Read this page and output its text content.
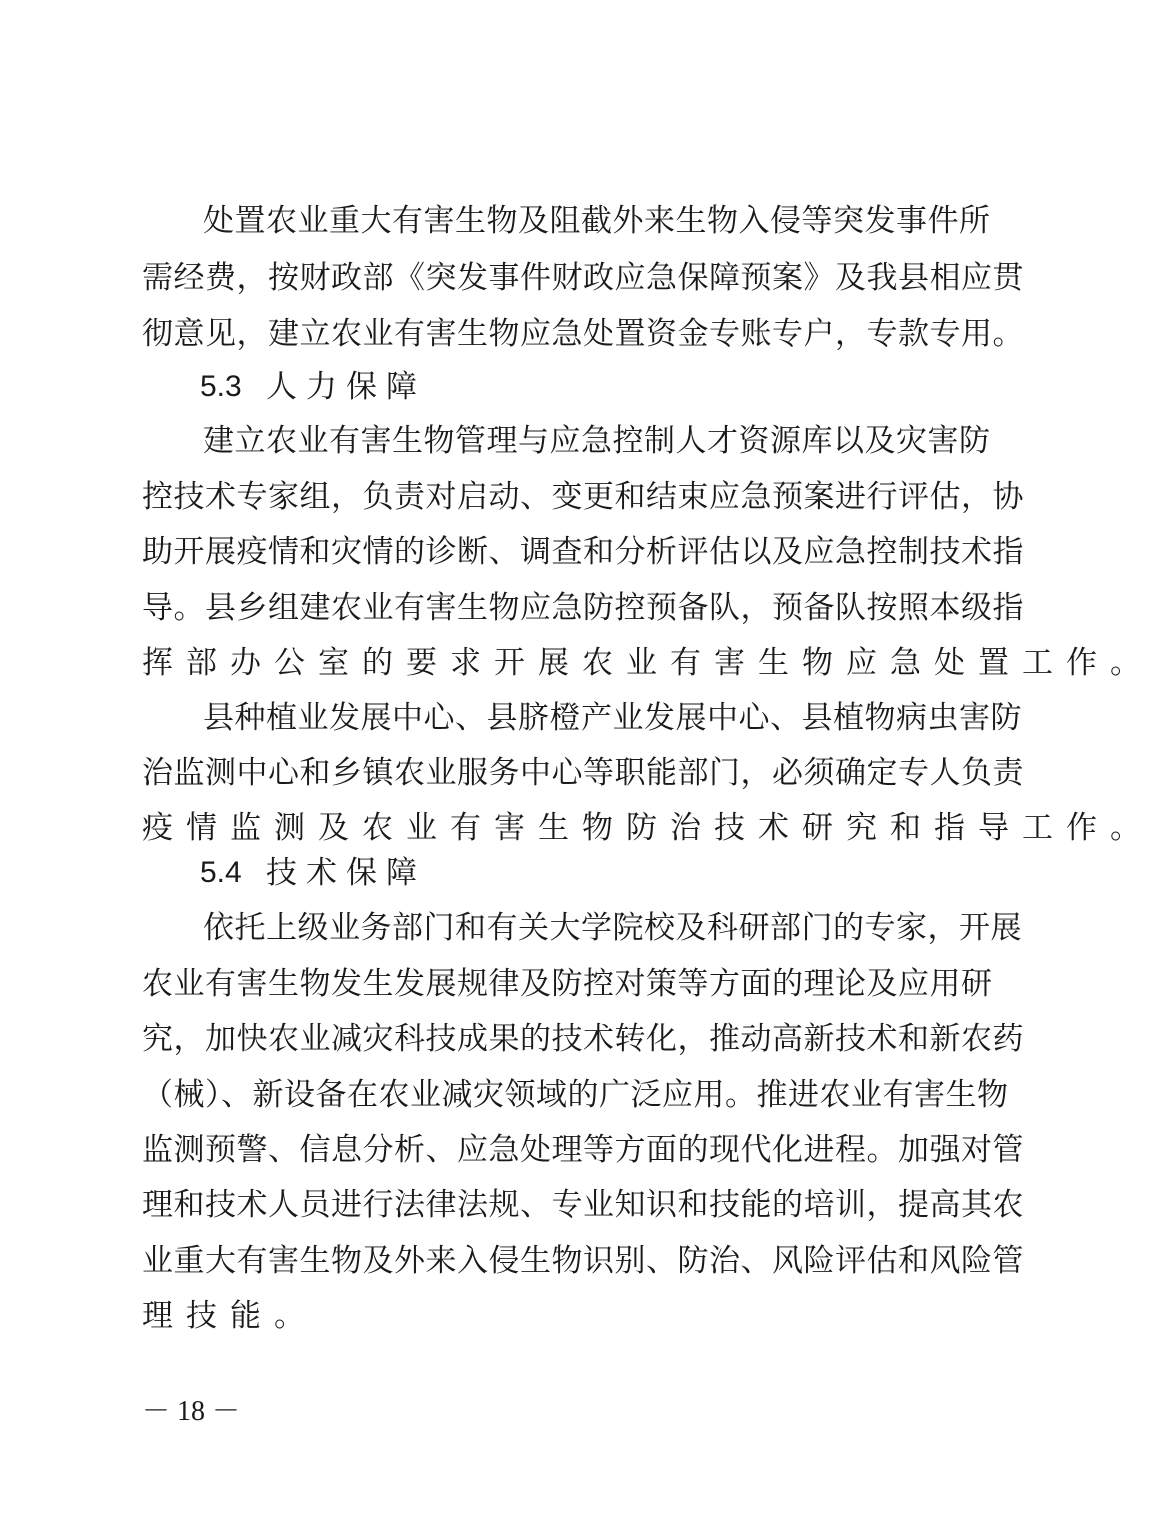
处置农业重大有害生物及阻截外来生物入侵等突发事件所
需经费，按财政部《突发事件财政应急保障预案》及我县相应贯
彻意见，建立农业有害生物应急处置资金专账专户，专款专用。
5.3 人力保障
建立农业有害生物管理与应急控制人才资源库以及灾害防
控技术专家组，负责对启动、变更和结束应急预案进行评估，协
助开展疫情和灾情的诊断、调查和分析评估以及应急控制技术指
导。县乡组建农业有害生物应急防控预备队，预备队按照本级指
挥部办公室的要求开展农业有害生物应急处置工作。
县种植业发展中心、县脐橙产业发展中心、县植物病虫害防
治监测中心和乡镇农业服务中心等职能部门，必须确定专人负责
疫情监测及农业有害生物防治技术研究和指导工作。
5.4 技术保障
依托上级业务部门和有关大学院校及科研部门的专家，开展
农业有害生物发生发展规律及防控对策等方面的理论及应用研
究，加快农业减灾科技成果的技术转化，推动高新技术和新农药
（械）、新设备在农业减灾领域的广泛应用。推进农业有害生物
监测预警、信息分析、应急处理等方面的现代化进程。加强对管
理和技术人员进行法律法规、专业知识和技能的培训，提高其农
业重大有害生物及外来入侵生物识别、防治、风险评估和风险管
理技能。
－ 18 －
